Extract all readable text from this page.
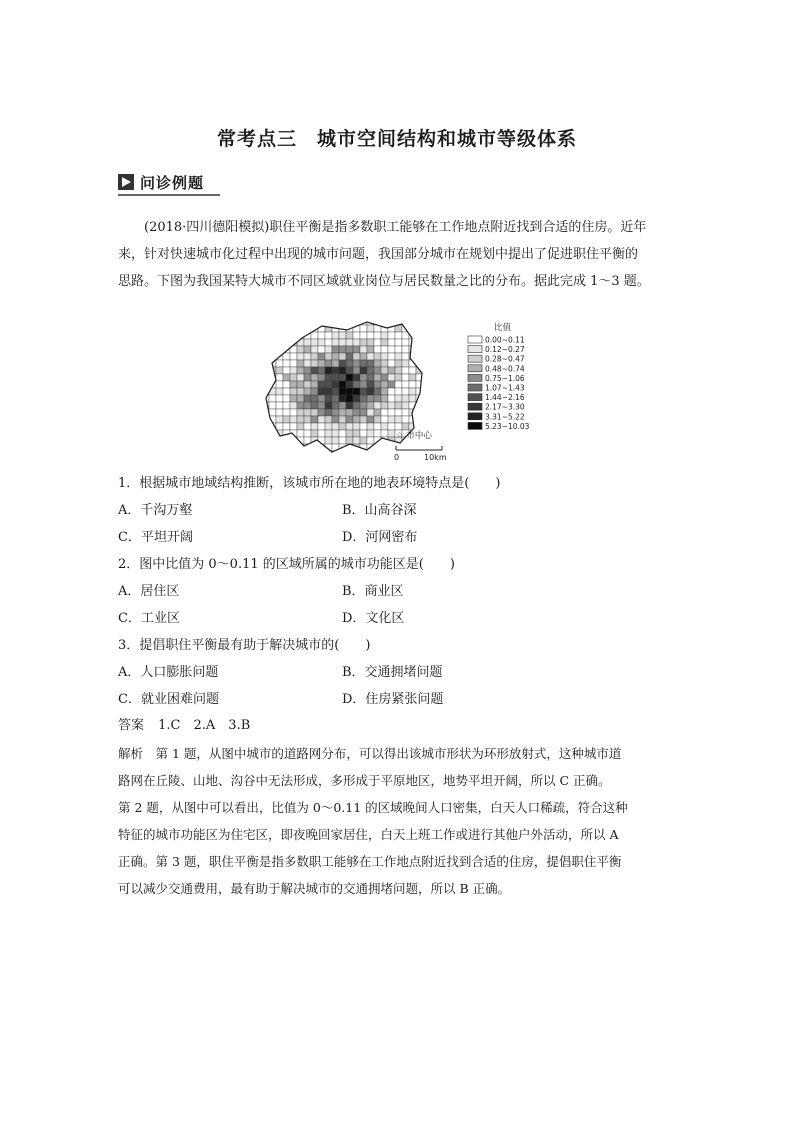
常考点三　城市空间结构和城市等级体系
问诊例题

(2018·四川德阳模拟)职住平衡是指多数职工能够在工作地点附近找到合适的住房。近年

来，针对快速城市化过程中出现的城市问题，我国部分城市在规划中提出了促进职住平衡的

思路。下图为我国某特大城市不同区域就业岗位与居民数量之比的分布。据此完成 1～3 题。

比值
0.00~0.11
0.12~0.27
0.28~0.47
0.48~0.74
0.75~1.06
1.07~1.43
1.44~2.16
2.17~3.30
3.31~5.22
5.23~10.03
☆ 市中心
0	10km
1．根据城市地域结构推断，该城市所在地的地表环境特点是(　　)
A．千沟万壑	B．山高谷深
C．平坦开阔	D．河网密布
2．图中比值为 0～0.11 的区域所属的城市功能区是(　　)
A．居住区	B．商业区
C．工业区	D．文化区
3．提倡职住平衡最有助于解决城市的(　　)
A．人口膨胀问题	B．交通拥堵问题
C．就业困难问题	D．住房紧张问题
答案 1.C　2.A　3.B

解析　第 1 题，从图中城市的道路网分布，可以得出该城市形状为环形放射式，这种城市道

路网在丘陵、山地、沟谷中无法形成，多形成于平原地区，地势平坦开阔，所以 C 正确。

第 2 题，从图中可以看出，比值为 0～0.11 的区域晚间人口密集，白天人口稀疏，符合这种

特征的城市功能区为住宅区，即夜晚回家居住，白天上班工作或进行其他户外活动，所以 A

正确。第 3 题，职住平衡是指多数职工能够在工作地点附近找到合适的住房，提倡职住平衡

可以减少交通费用，最有助于解决城市的交通拥堵问题，所以 B 正确。
